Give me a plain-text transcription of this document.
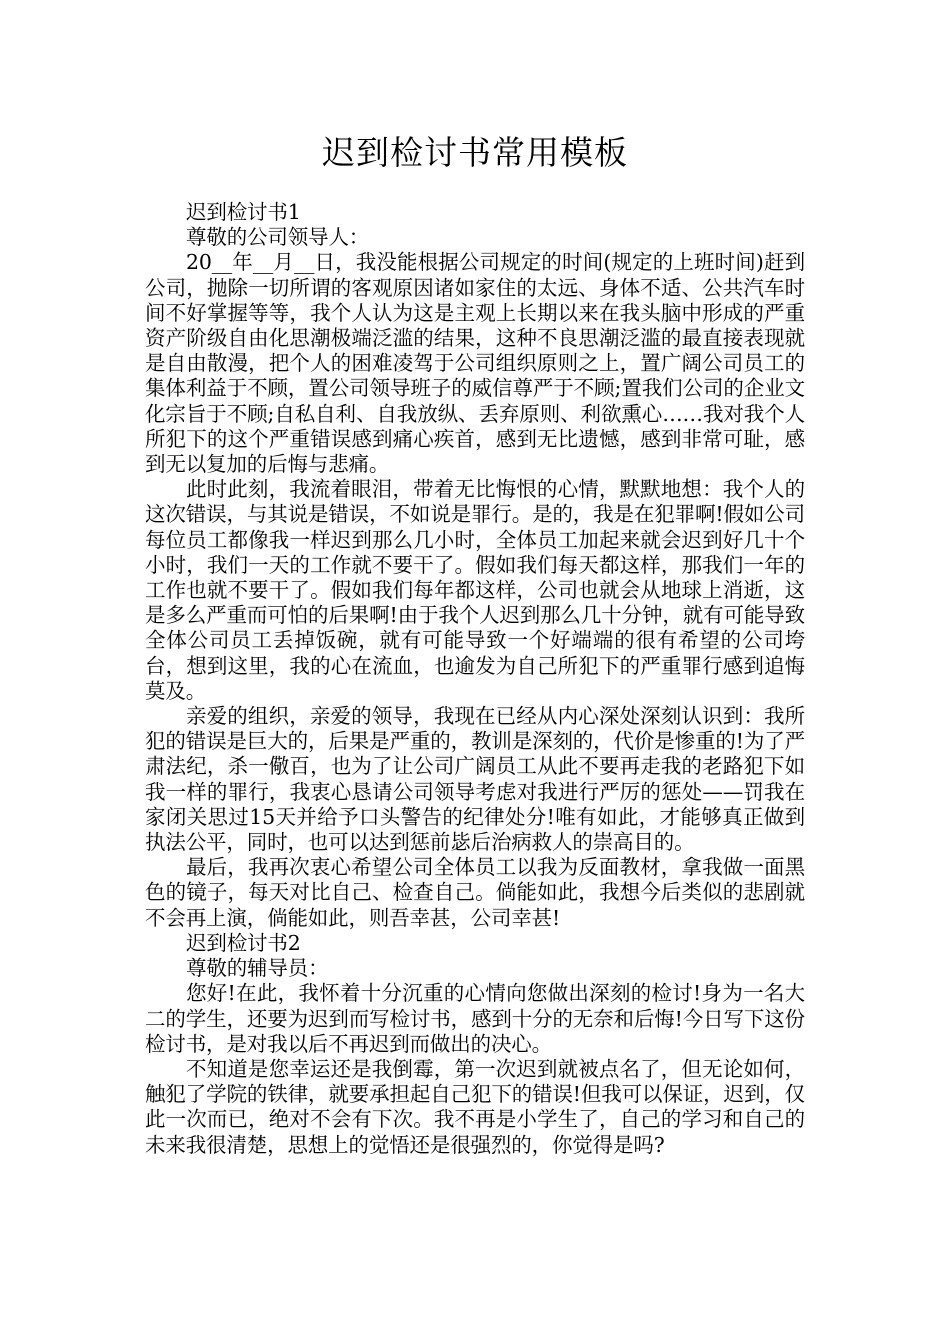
迟到检讨书常用模板

迟到检讨书1

尊敬的公司领导人：

20__年__月__日，我没能根据公司规定的时间(规定的上班时间)赶到公司，抛除一切所谓的客观原因诸如家住的太远、身体不适、公共汽车时间不好掌握等等，我个人认为这是主观上长期以来在我头脑中形成的严重资产阶级自由化思潮极端泛滥的结果，这种不良思潮泛滥的最直接表现就是自由散漫，把个人的困难凌驾于公司组织原则之上，置广阔公司员工的集体利益于不顾，置公司领导班子的威信尊严于不顾;置我们公司的企业文化宗旨于不顾;自私自利、自我放纵、丢弃原则、利欲熏心……我对我个人所犯下的这个严重错误感到痛心疾首，感到无比遗憾，感到非常可耻，感到无以复加的后悔与悲痛。

此时此刻，我流着眼泪，带着无比悔恨的心情，默默地想：我个人的这次错误，与其说是错误，不如说是罪行。是的，我是在犯罪啊!假如公司每位员工都像我一样迟到那么几小时，全体员工加起来就会迟到好几十个小时，我们一天的工作就不要干了。假如我们每天都这样，那我们一年的工作也就不要干了。假如我们每年都这样，公司也就会从地球上消逝，这是多么严重而可怕的后果啊!由于我个人迟到那么几十分钟，就有可能导致全体公司员工丢掉饭碗，就有可能导致一个好端端的很有希望的公司垮台，想到这里，我的心在流血，也逾发为自己所犯下的严重罪行感到追悔莫及。

亲爱的组织，亲爱的领导，我现在已经从内心深处深刻认识到：我所犯的错误是巨大的，后果是严重的，教训是深刻的，代价是惨重的!为了严肃法纪，杀一儆百，也为了让公司广阔员工从此不要再走我的老路犯下如我一样的罪行，我衷心恳请公司领导考虑对我进行严厉的惩处——罚我在家闭关思过15天并给予口头警告的纪律处分!唯有如此，才能够真正做到执法公平，同时，也可以达到惩前毖后治病救人的崇高目的。

最后，我再次衷心希望公司全体员工以我为反面教材，拿我做一面黑色的镜子，每天对比自己、检查自己。倘能如此，我想今后类似的悲剧就不会再上演，倘能如此，则吾幸甚，公司幸甚!

迟到检讨书2

尊敬的辅导员：

您好!在此，我怀着十分沉重的心情向您做出深刻的检讨!身为一名大二的学生，还要为迟到而写检讨书，感到十分的无奈和后悔!今日写下这份检讨书，是对我以后不再迟到而做出的决心。

不知道是您幸运还是我倒霉，第一次迟到就被点名了，但无论如何，触犯了学院的铁律，就要承担起自己犯下的错误!但我可以保证，迟到，仅此一次而已，绝对不会有下次。我不再是小学生了，自己的学习和自己的未来我很清楚，思想上的觉悟还是很强烈的，你觉得是吗?
